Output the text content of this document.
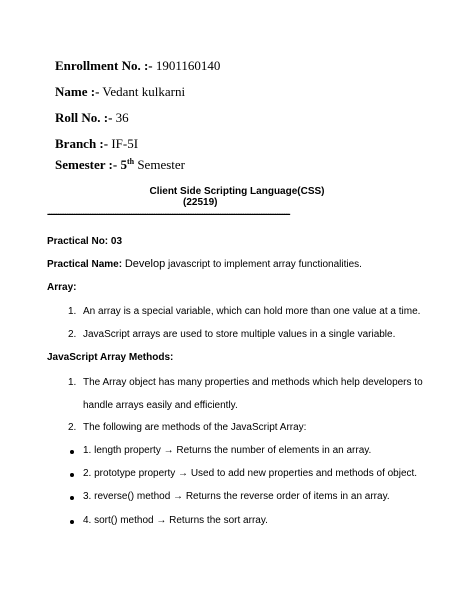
Enrollment No. :- 1901160140
Name :- Vedant kulkarni
Roll No. :- 36
Branch :- IF-5I
Semester :- 5th Semester
Client Side Scripting Language(CSS)
(22519)
----------------------------------------------------------------------------------------------------------------------------------------
Practical No: 03
Practical Name: Develop javascript to implement array functionalities.
Array:
1. An array is a special variable, which can hold more than one value at a time.
2. JavaScript arrays are used to store multiple values in a single variable.
JavaScript Array Methods:
1. The Array object has many properties and methods which help developers to
handle arrays easily and efficiently.
2. The following are methods of the JavaScript Array:
1. length property → Returns the number of elements in an array.
2. prototype property → Used to add new properties and methods of object.
3. reverse() method → Returns the reverse order of items in an array.
4. sort() method → Returns the sort array.
